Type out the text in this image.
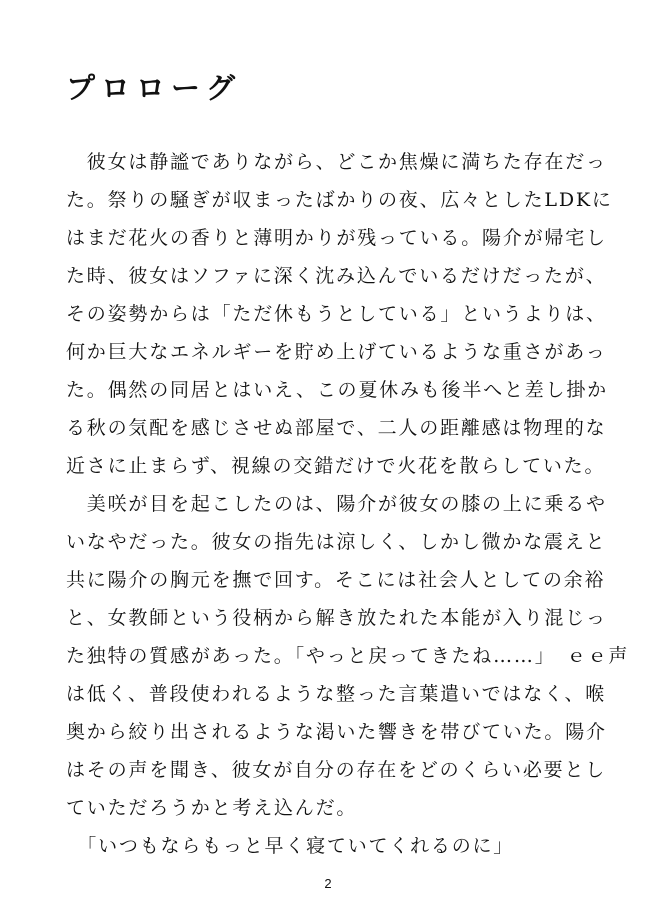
プロローグ
　彼女は静謐でありながら、どこか焦燥に満ちた存在だっ
た。祭りの騒ぎが収まったばかりの夜、広々としたLDKに
はまだ花火の香りと薄明かりが残っている。陽介が帰宅し
た時、彼女はソファに深く沈み込んでいるだけだったが、
その姿勢からは「ただ休もうとしている」というよりは、
何か巨大なエネルギーを貯め上げているような重さがあっ
た。偶然の同居とはいえ、この夏休みも後半へと差し掛か
る秋の気配を感じさせぬ部屋で、二人の距離感は物理的な
近さに止まらず、視線の交錯だけで火花を散らしていた。
　美咲が目を起こしたのは、陽介が彼女の膝の上に乗るや
いなやだった。彼女の指先は涼しく、しかし微かな震えと
共に陽介の胸元を撫で回す。そこには社会人としての余裕
と、女教師という役柄から解き放たれた本能が入り混じっ
た独特の質感があった。「やっと戻ってきたね……」　ｅｅ声
は低く、普段使われるような整った言葉遣いではなく、喉
奥から絞り出されるような渇いた響きを帯びていた。陽介
はその声を聞き、彼女が自分の存在をどのくらい必要とし
ていただろうかと考え込んだ。
　「いつもならもっと早く寝ていてくれるのに」
2
